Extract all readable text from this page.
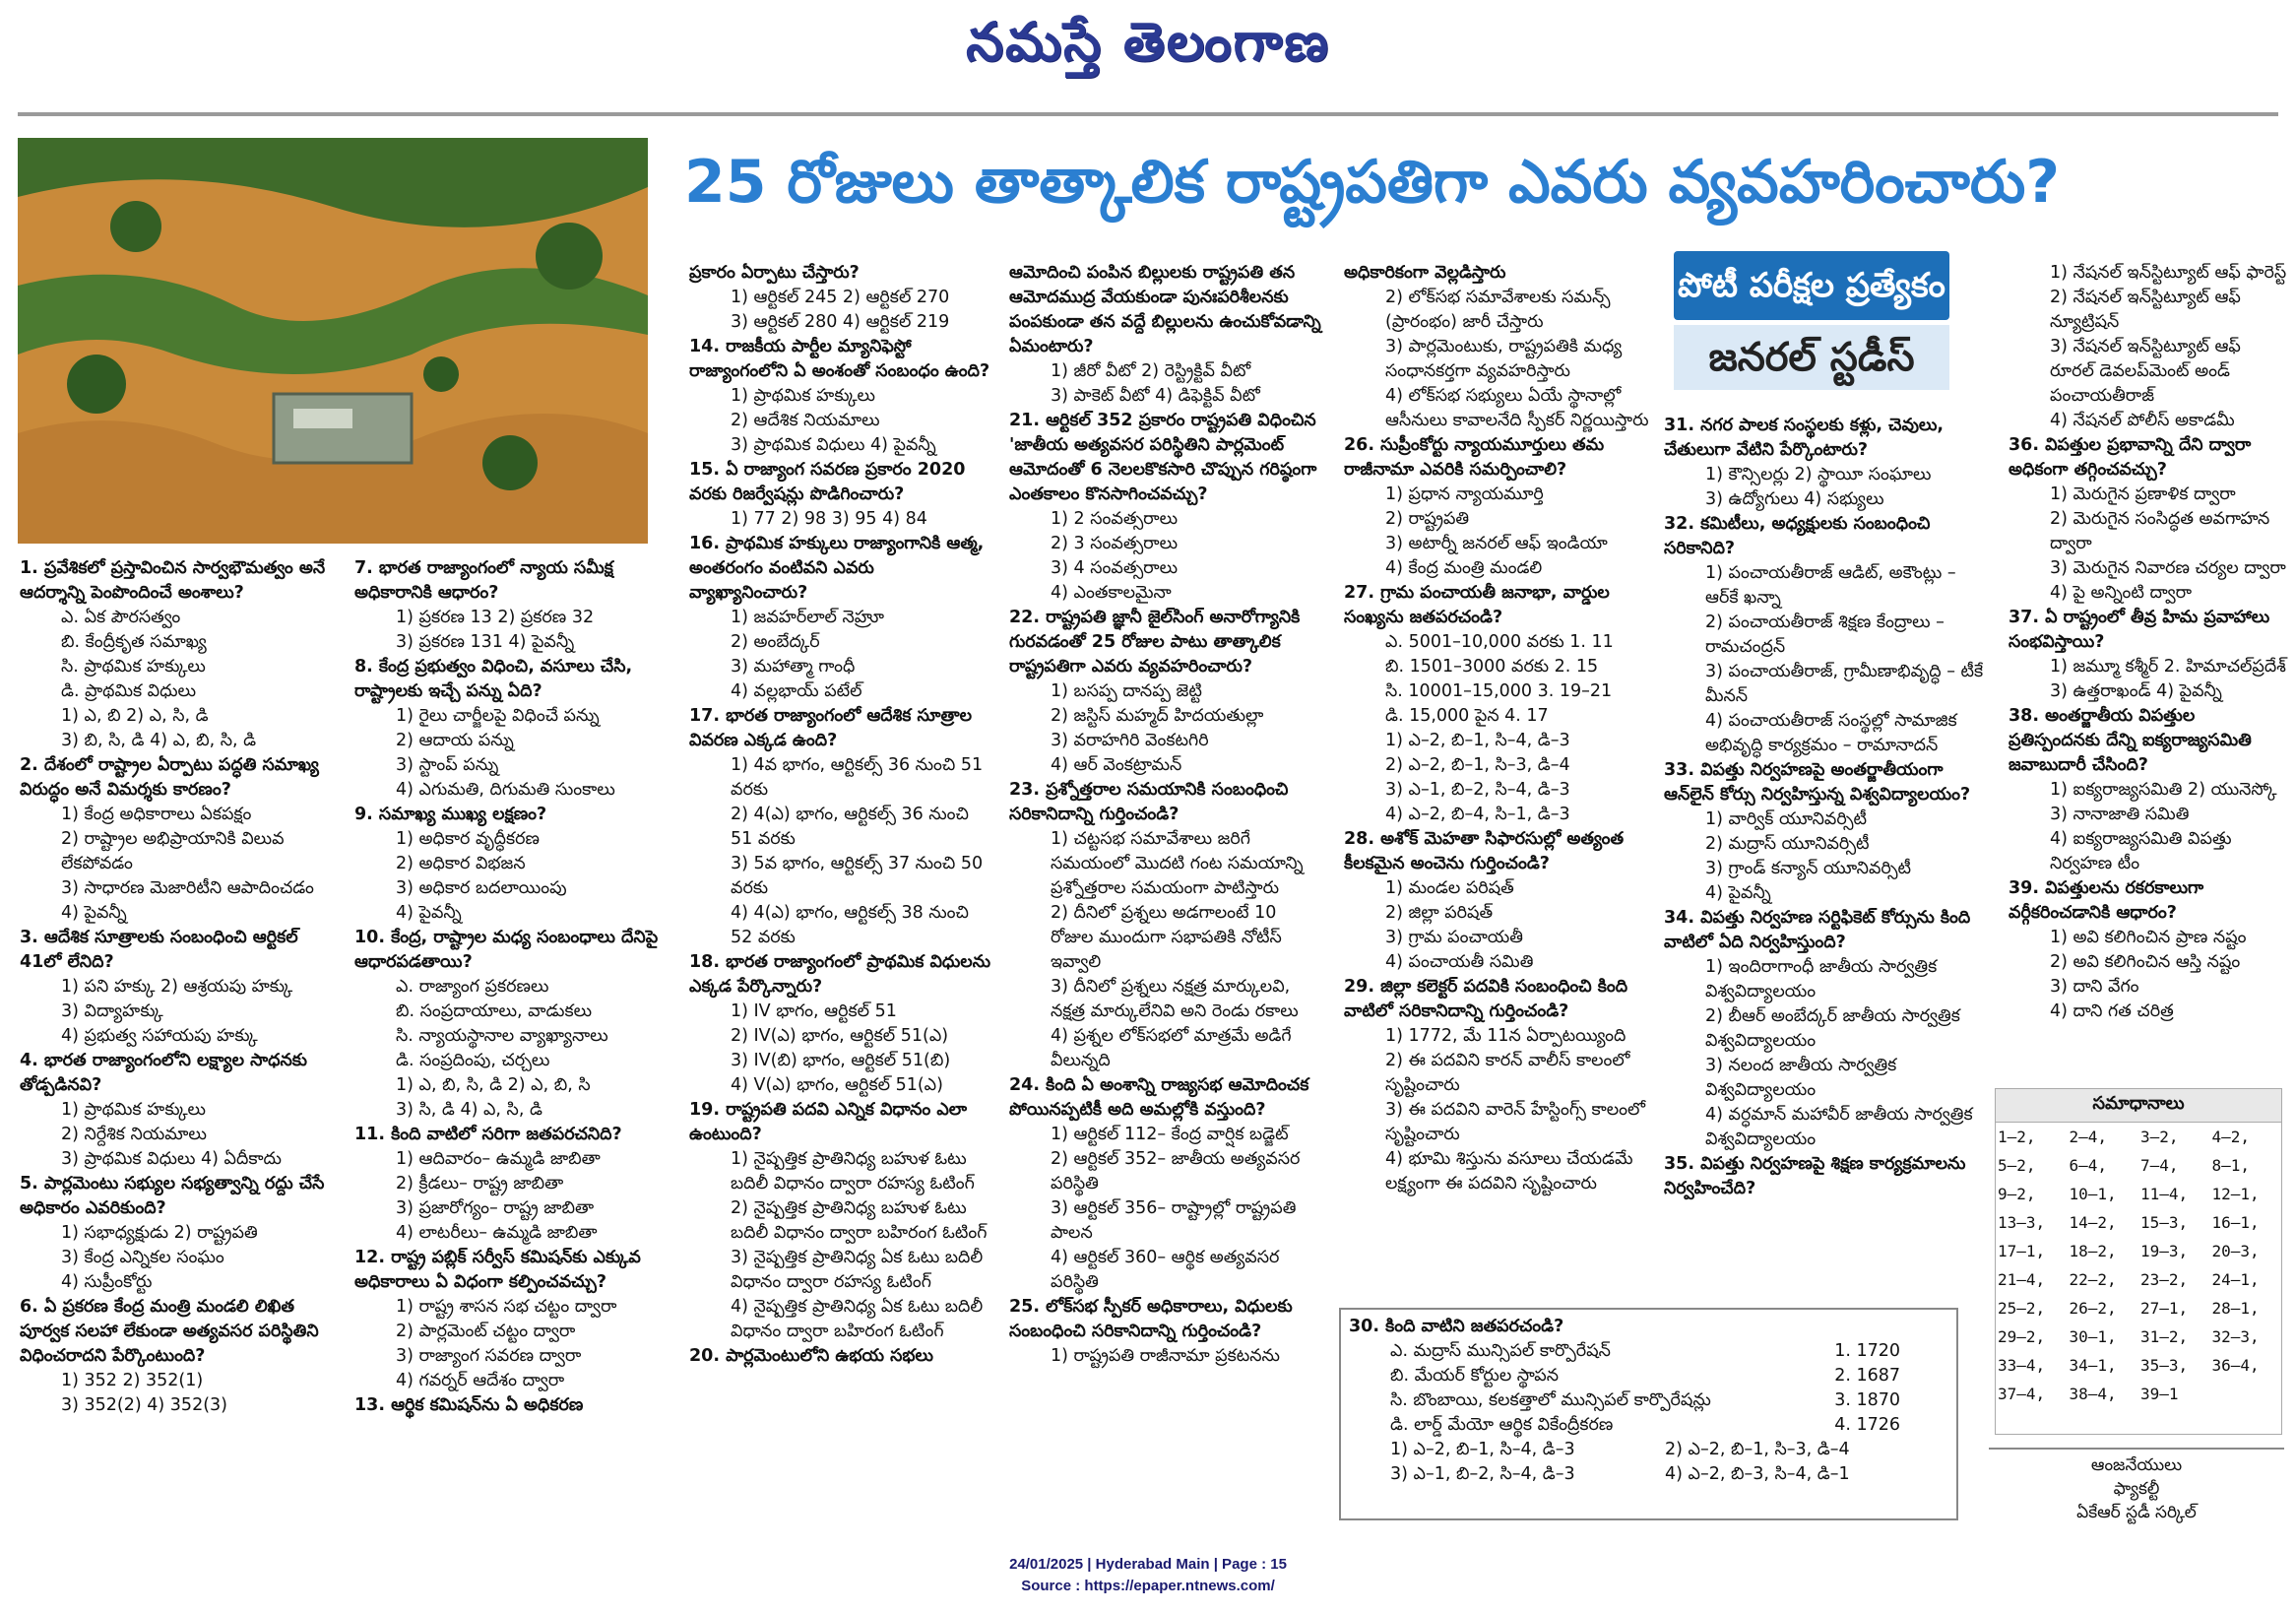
నమస్తే తెలంగాణ
25 రోజులు తాత్కాలిక రాష్ట్రపతిగా ఎవరు వ్యవహరించారు?
పోటీ పరీక్షల ప్రత్యేకం
జనరల్ స్టడీస్

1. ప్రవేశికలో ప్రస్తావించిన సార్వభౌమత్వం అనే ఆదర్శాన్ని పెంపొందించే అంశాలు?

ఎ. ఏక పౌరసత్వం

బి. కేంద్రీకృత సమాఖ్య

సి. ప్రాథమిక హక్కులు

డి. ప్రాథమిక విధులు

1) ఎ, బి 2) ఎ, సి, డి

3) బి, సి, డి 4) ఎ, బి, సి, డి

2. దేశంలో రాష్ట్రాల ఏర్పాటు పద్ధతి సమాఖ్య విరుద్ధం అనే విమర్శకు కారణం?

1) కేంద్ర అధికారాలు ఏకపక్షం

2) రాష్ట్రాల అభిప్రాయానికి విలువ లేకపోవడం

3) సాధారణ మెజారిటీని ఆపాదించడం

4) పైవన్నీ

3. ఆదేశిక సూత్రాలకు సంబంధించి ఆర్టికల్ 41లో లేనిది?

1) పని హక్కు 2) ఆశ్రయపు హక్కు

3) విద్యాహక్కు

4) ప్రభుత్వ సహాయపు హక్కు

4. భారత రాజ్యాంగంలోని లక్ష్యాల సాధనకు తోడ్పడినవి?

1) ప్రాథమిక హక్కులు

2) నిర్దేశిక నియమాలు

3) ప్రాథమిక విధులు 4) ఏదీకాదు

5. పార్లమెంటు సభ్యుల సభ్యత్వాన్ని రద్దు చేసే అధికారం ఎవరికుంది?

1) సభాధ్యక్షుడు 2) రాష్ట్రపతి

3) కేంద్ర ఎన్నికల సంఘం

4) సుప్రీంకోర్టు

6. ఏ ప్రకరణ కేంద్ర మంత్రి మండలి లిఖిత పూర్వక సలహా లేకుండా అత్యవసర పరిస్థితిని విధించరాదని పేర్కొంటుంది?

1) 352 2) 352(1)

3) 352(2) 4) 352(3)

7. భారత రాజ్యాంగంలో న్యాయ సమీక్ష అధికారానికి ఆధారం?

1) ప్రకరణ 13 2) ప్రకరణ 32

3) ప్రకరణ 131 4) పైవన్నీ

8. కేంద్ర ప్రభుత్వం విధించి, వసూలు చేసి, రాష్ట్రాలకు ఇచ్చే పన్ను ఏది?

1) రైలు చార్జీలపై విధించే పన్ను

2) ఆదాయ పన్ను

3) స్టాంప్ పన్ను

4) ఎగుమతి, దిగుమతి సుంకాలు

9. సమాఖ్య ముఖ్య లక్షణం?

1) అధికార వృద్ధీకరణ

2) అధికార విభజన

3) అధికార బదలాయింపు

4) పైవన్నీ

10. కేంద్ర, రాష్ట్రాల మధ్య సంబంధాలు దేనిపై ఆధారపడతాయి?

ఎ. రాజ్యాంగ ప్రకరణలు

బి. సంప్రదాయాలు, వాడుకలు

సి. న్యాయస్థానాల వ్యాఖ్యానాలు

డి. సంప్రదింపు, చర్చలు

1) ఎ, బి, సి, డి 2) ఎ, బి, సి

3) సి, డి 4) ఎ, సి, డి

11. కింది వాటిలో సరిగా జతపరచనిది?

1) ఆదివారం– ఉమ్మడి జాబితా

2) క్రీడలు– రాష్ట్ర జాబితా

3) ప్రజారోగ్యం– రాష్ట్ర జాబితా

4) లాటరీలు– ఉమ్మడి జాబితా

12. రాష్ట్ర పబ్లిక్ సర్వీస్ కమిషన్‌కు ఎక్కువ అధికారాలు ఏ విధంగా కల్పించవచ్చు?

1) రాష్ట్ర శాసన సభ చట్టం ద్వారా

2) పార్లమెంట్ చట్టం ద్వారా

3) రాజ్యాంగ సవరణ ద్వారా

4) గవర్నర్ ఆదేశం ద్వారా

13. ఆర్థిక కమిషన్‌ను ఏ అధికరణ

ప్రకారం ఏర్పాటు చేస్తారు?

1) ఆర్టికల్ 245 2) ఆర్టికల్ 270

3) ఆర్టికల్ 280 4) ఆర్టికల్ 219

14. రాజకీయ పార్టీల మ్యానిఫెస్టో రాజ్యాంగంలోని ఏ అంశంతో సంబంధం ఉంది?

1) ప్రాథమిక హక్కులు

2) ఆదేశిక నియమాలు

3) ప్రాథమిక విధులు 4) పైవన్నీ

15. ఏ రాజ్యాంగ సవరణ ప్రకారం 2020 వరకు రిజర్వేషన్లు పొడిగించారు?

1) 77 2) 98 3) 95 4) 84

16. ప్రాథమిక హక్కులు రాజ్యాంగానికి ఆత్మ, అంతరంగం వంటివని ఎవరు వ్యాఖ్యానించారు?

1) జవహర్‌లాల్ నెహ్రూ

2) అంబేద్కర్

3) మహాత్మా గాంధీ

4) వల్లభాయ్ పటేల్

17. భారత రాజ్యాంగంలో ఆదేశిక సూత్రాల వివరణ ఎక్కడ ఉంది?

1) 4వ భాగం, ఆర్టికల్స్ 36 నుంచి 51 వరకు

2) 4(ఎ) భాగం, ఆర్టికల్స్ 36 నుంచి 51 వరకు

3) 5వ భాగం, ఆర్టికల్స్ 37 నుంచి 50 వరకు

4) 4(ఎ) భాగం, ఆర్టికల్స్ 38 నుంచి 52 వరకు

18. భారత రాజ్యాంగంలో ప్రాథమిక విధులను ఎక్కడ పేర్కొన్నారు?

1) IV భాగం, ఆర్టికల్ 51

2) IV(ఎ) భాగం, ఆర్టికల్ 51(ఎ)

3) IV(బి) భాగం, ఆర్టికల్ 51(బి)

4) V(ఎ) భాగం, ఆర్టికల్ 51(ఎ)

19. రాష్ట్రపతి పదవి ఎన్నిక విధానం ఎలా ఉంటుంది?

1) నైష్పత్తిక ప్రాతినిధ్య బహుళ ఓటు బదిలీ విధానం ద్వారా రహస్య ఓటింగ్

2) నైష్పత్తిక ప్రాతినిధ్య బహుళ ఓటు బదిలీ విధానం ద్వారా బహిరంగ ఓటింగ్

3) నైష్పత్తిక ప్రాతినిధ్య ఏక ఓటు బదిలీ విధానం ద్వారా రహస్య ఓటింగ్

4) నైష్పత్తిక ప్రాతినిధ్య ఏక ఓటు బదిలీ విధానం ద్వారా బహిరంగ ఓటింగ్

20. పార్లమెంటులోని ఉభయ సభలు

ఆమోదించి పంపిన బిల్లులకు రాష్ట్రపతి తన ఆమోదముద్ర వేయకుండా పునఃపరిశీలనకు పంపకుండా తన వద్దే బిల్లులను ఉంచుకోవడాన్ని ఏమంటారు?

1) జీరో వీటో 2) రెస్ట్రిక్టివ్ వీటో

3) పాకెట్ వీటో 4) డిఫెక్టివ్ వీటో

21. ఆర్టికల్ 352 ప్రకారం రాష్ట్రపతి విధించిన 'జాతీయ అత్యవసర పరిస్థితిని పార్లమెంట్ ఆమోదంతో 6 నెలలకొకసారి చొప్పున గరిష్ఠంగా ఎంతకాలం కొనసాగించవచ్చు?

1) 2 సంవత్సరాలు

2) 3 సంవత్సరాలు

3) 4 సంవత్సరాలు

4) ఎంతకాలమైనా

22. రాష్ట్రపతి జ్ఞానీ జైల్‌సింగ్ అనారోగ్యానికి గురవడంతో 25 రోజుల పాటు తాత్కాలిక రాష్ట్రపతిగా ఎవరు వ్యవహరించారు?

1) బసప్ప దానప్ప జెట్టి

2) జస్టిస్ మహ్మద్ హిదయతుల్లా

3) వరాహగిరి వెంకటగిరి

4) ఆర్ వెంకట్రామన్

23. ప్రశ్నోత్తరాల సమయానికి సంబంధించి సరికానిదాన్ని గుర్తించండి?

1) చట్టసభ సమావేశాలు జరిగే సమయంలో మొదటి గంట సమయాన్ని ప్రశ్నోత్తరాల సమయంగా పాటిస్తారు

2) దీనిలో ప్రశ్నలు అడగాలంటే 10 రోజుల ముందుగా సభాపతికి నోటీస్ ఇవ్వాలి

3) దీనిలో ప్రశ్నలు నక్షత్ర మార్కులవి, నక్షత్ర మార్కులేనివి అని రెండు రకాలు

4) ప్రశ్నల లోక్‌సభలో మాత్రమే అడిగే వీలున్నది

24. కింది ఏ అంశాన్ని రాజ్యసభ ఆమోదించక పోయినప్పటికీ అది అమల్లోకి వస్తుంది?

1) ఆర్టికల్ 112– కేంద్ర వార్షిక బడ్జెట్

2) ఆర్టికల్ 352– జాతీయ అత్యవసర పరిస్థితి

3) ఆర్టికల్ 356– రాష్ట్రాల్లో రాష్ట్రపతి పాలన

4) ఆర్టికల్ 360– ఆర్థిక అత్యవసర పరిస్థితి

25. లోక్‌సభ స్పీకర్ అధికారాలు, విధులకు సంబంధించి సరికానిదాన్ని గుర్తించండి?

1) రాష్ట్రపతి రాజీనామా ప్రకటనను

అధికారికంగా వెల్లడిస్తారు

2) లోక్‌సభ సమావేశాలకు సమన్స్ (ప్రారంభం) జారీ చేస్తారు

3) పార్లమెంటుకు, రాష్ట్రపతికి మధ్య సంధానకర్తగా వ్యవహరిస్తారు

4) లోక్‌సభ సభ్యులు ఏయే స్థానాల్లో ఆసీనులు కావాలనేది స్పీకర్ నిర్ణయిస్తారు

26. సుప్రీంకోర్టు న్యాయమూర్తులు తమ రాజీనామా ఎవరికి సమర్పించాలి?

1) ప్రధాన న్యాయమూర్తి

2) రాష్ట్రపతి

3) అటార్నీ జనరల్ ఆఫ్ ఇండియా

4) కేంద్ర మంత్రి మండలి

27. గ్రామ పంచాయతీ జనాభా, వార్డుల సంఖ్యను జతపరచండి?

ఎ. 5001–10,000 వరకు 1. 11

బి. 1501–3000 వరకు 2. 15

సి. 10001–15,000 3. 19–21

డి. 15,000 పైన 4. 17

1) ఎ–2, బి–1, సి–4, డి–3

2) ఎ–2, బి–1, సి–3, డి–4

3) ఎ–1, బి–2, సి–4, డి–3

4) ఎ–2, బి–4, సి–1, డి–3

28. అశోక్ మెహతా సిఫారసుల్లో అత్యంత కీలకమైన అంచెను గుర్తించండి?

1) మండల పరిషత్

2) జిల్లా పరిషత్

3) గ్రామ పంచాయతీ

4) పంచాయతీ సమితి

29. జిల్లా కలెక్టర్ పదవికి సంబంధించి కింది వాటిలో సరికానిదాన్ని గుర్తించండి?

1) 1772, మే 11న ఏర్పాటయ్యింది

2) ఈ పదవిని కారన్ వాలీస్ కాలంలో సృష్టించారు

3) ఈ పదవిని వారెన్ హేస్టింగ్స్ కాలంలో సృష్టించారు

4) భూమి శిస్తును వసూలు చేయడమే లక్ష్యంగా ఈ పదవిని సృష్టించారు

30. కింది వాటిని జతపరచండి?

ఎ. మద్రాస్ మున్సిపల్ కార్పొరేషన్	1. 1720
బి. మేయర్ కోర్టుల స్థాపన	2. 1687
సి. బొంబాయి, కలకత్తాలో మున్సిపల్ కార్పొరేషన్లు	3. 1870
డి. లార్డ్ మేయో ఆర్థిక వికేంద్రీకరణ	4. 1726
1) ఎ–2, బి–1, సి–4, డి–3	2) ఎ–2, బి–1, సి–3, డి–4
3) ఎ–1, బి–2, సి–4, డి–3	4) ఎ–2, బి–3, సి–4, డి–1

31. నగర పాలక సంస్థలకు కళ్లు, చెవులు, చేతులుగా వేటిని పేర్కొంటారు?

1) కౌన్సిలర్లు 2) స్థాయీ సంఘాలు

3) ఉద్యోగులు 4) సభ్యులు

32. కమిటీలు, అధ్యక్షులకు సంబంధించి సరికానిది?

1) పంచాయతీరాజ్ ఆడిట్, అకౌంట్లు – ఆర్‌కే ఖన్నా

2) పంచాయతీరాజ్ శిక్షణ కేంద్రాలు – రామచంద్రన్

3) పంచాయతీరాజ్, గ్రామీణాభివృద్ధి – టీకే మీనన్

4) పంచాయతీరాజ్ సంస్థల్లో సామాజిక అభివృద్ధి కార్యక్రమం – రామానాదన్

33. విపత్తు నిర్వహణపై అంతర్జాతీయంగా ఆన్‌లైన్ కోర్సు నిర్వహిస్తున్న విశ్వవిద్యాలయం?

1) వార్విక్ యూనివర్సిటీ

2) మద్రాస్ యూనివర్సిటీ

3) గ్రాండ్ కన్యాన్ యూనివర్సిటీ

4) పైవన్నీ

34. విపత్తు నిర్వహణ సర్టిఫికెట్ కోర్సును కింది వాటిలో ఏది నిర్వహిస్తుంది?

1) ఇందిరాగాంధీ జాతీయ సార్వత్రిక విశ్వవిద్యాలయం

2) బీఆర్ అంబేద్కర్ జాతీయ సార్వత్రిక విశ్వవిద్యాలయం

3) నలంద జాతీయ సార్వత్రిక విశ్వవిద్యాలయం

4) వర్ధమాన్ మహావీర్ జాతీయ సార్వత్రిక విశ్వవిద్యాలయం

35. విపత్తు నిర్వహణపై శిక్షణ కార్యక్రమాలను నిర్వహించేది?

1) నేషనల్ ఇన్‌స్టిట్యూట్ ఆఫ్ ఫారెస్ట్

2) నేషనల్ ఇన్‌స్టిట్యూట్ ఆఫ్ న్యూట్రిషన్

3) నేషనల్ ఇన్‌స్టిట్యూట్ ఆఫ్ రూరల్ డెవలప్‌మెంట్ అండ్ పంచాయతీరాజ్

4) నేషనల్ పోలీస్ అకాడమీ

36. విపత్తుల ప్రభావాన్ని దేని ద్వారా అధికంగా తగ్గించవచ్చు?

1) మెరుగైన ప్రణాళిక ద్వారా

2) మెరుగైన సంసిద్ధత అవగాహన ద్వారా

3) మెరుగైన నివారణ చర్యల ద్వారా

4) పై అన్నింటి ద్వారా

37. ఏ రాష్ట్రంలో తీవ్ర హిమ ప్రవాహాలు సంభవిస్తాయి?

1) జమ్మూ కశ్మీర్ 2. హిమాచల్‌ప్రదేశ్

3) ఉత్తరాఖండ్ 4) పైవన్నీ

38. అంతర్జాతీయ విపత్తుల ప్రతిస్పందనకు దేన్ని ఐక్యరాజ్యసమితి జవాబుదారీ చేసింది?

1) ఐక్యరాజ్యసమితి 2) యునెస్కో

3) నానాజాతి సమితి

4) ఐక్యరాజ్యసమితి విపత్తు నిర్వహణ టీం

39. విపత్తులను రకరకాలుగా వర్గీకరించడానికి ఆధారం?

1) అవి కలిగించిన ప్రాణ నష్టం

2) అవి కలిగించిన ఆస్తి నష్టం

3) దాని వేగం

4) దాని గత చరిత్ర

సమాధానాలు
1–2,	2–4,	3–2,	4–2,
5–2,	6–4,	7–4,	8–1,
9–2,	10–1,	11–4,	12–1,
13–3,	14–2,	15–3,	16–1,
17–1,	18–2,	19–3,	20–3,
21–4,	22–2,	23–2,	24–1,
25–2,	26–2,	27–1,	28–1,
29–2,	30–1,	31–2,	32–3,
33–4,	34–1,	35–3,	36–4,
37–4,	38–4,	39–1	
ఆంజనేయులు
ఫ్యాకల్టీ
ఏకేఆర్ స్టడీ సర్కిల్
24/01/2025 | Hyderabad Main | Page : 15
Source : https://epaper.ntnews.com/
